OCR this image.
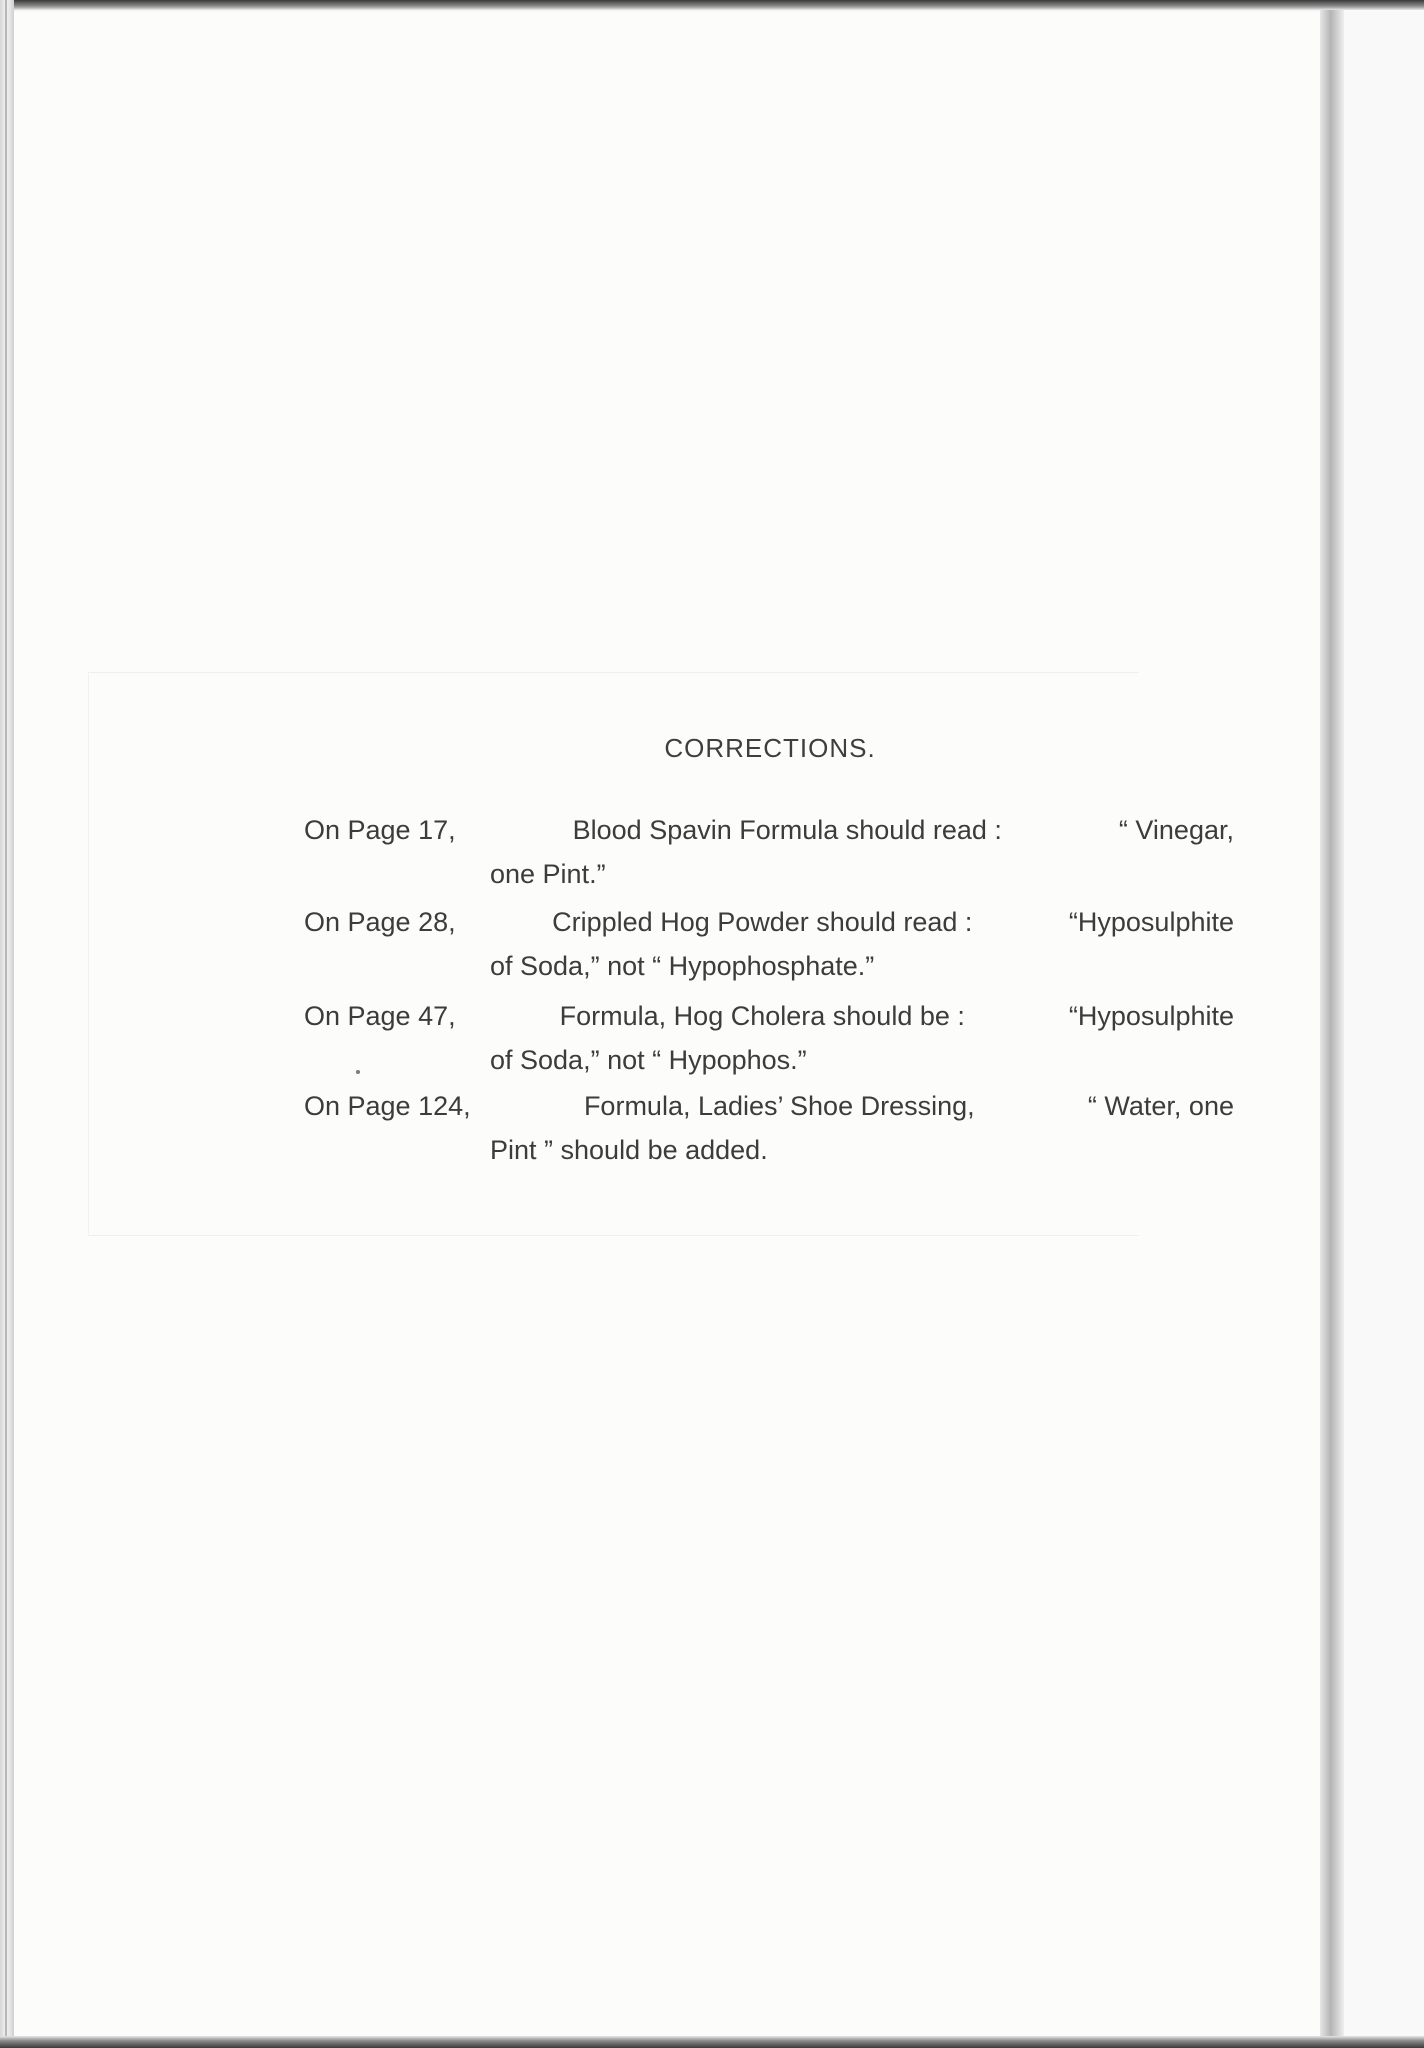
CORRECTIONS.
On Page 17,	Blood Spavin Formula should read :	“ Vinegar,
one Pint.”
On Page 28,	Crippled Hog Powder should read :	“Hyposulphite
of Soda,” not “ Hypophosphate.”
On Page 47,	Formula, Hog Cholera should be :	“Hyposulphite
of Soda,” not “ Hypophos.”
On Page 124,	Formula, Ladies’ Shoe Dressing,	“ Water, one
Pint ” should be added.
